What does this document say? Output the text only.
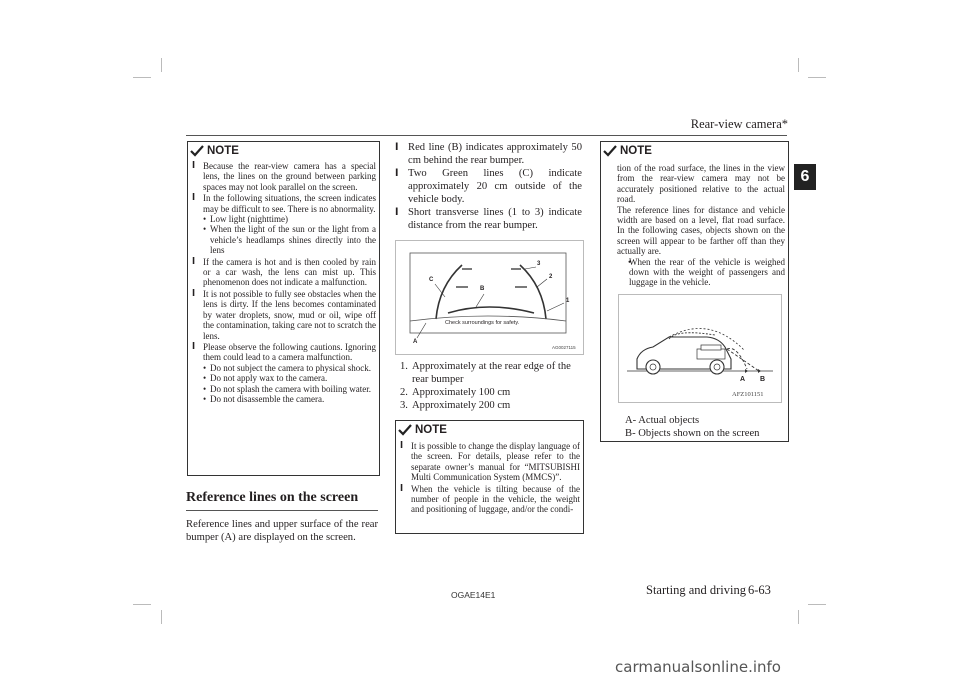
Rear-view camera*
6
NOTE

l Because the rear-view camera has a special lens, the lines on the ground between parking spaces may not look parallel on the screen.

l In the following situations, the screen indicates may be difficult to see. There is no abnormality.

• Low light (nighttime)

• When the light of the sun or the light from a vehicle’s headlamps shines directly into the lens

l If the camera is hot and is then cooled by rain or a car wash, the lens can mist up. This phenomenon does not indicate a malfunction.

l It is not possible to fully see obstacles when the lens is dirty. If the lens becomes contaminated by water droplets, snow, mud or oil, wipe off the contamination, taking care not to scratch the lens.

l Please observe the following cautions. Ignoring them could lead to a camera malfunction.

• Do not subject the camera to physical shock.

• Do not apply wax to the camera.

• Do not splash the camera with boiling water.

• Do not disassemble the camera.

Reference lines on the screen
Reference lines and upper surface of the rear bumper (A) are displayed on the screen.
l Red line (B) indicates approximately 50 cm behind the rear bumper.
l Two Green lines (C) indicate approximately 20 cm outside of the vehicle body.
l Short transverse lines (1 to 3) indicate distance from the rear bumper.
Check surroundings for safety.
A
B
C
1
2
3
AG0027115
1. Approximately at the rear edge of the rear bumper
2. Approximately 100 cm
3. Approximately 200 cm
NOTE

l It is possible to change the display language of the screen. For details, please refer to the separate owner’s manual for “MITSUBISHI Multi Communication System (MMCS)”.

l When the vehicle is tilting because of the number of people in the vehicle, the weight and positioning of luggage, and/or the condi-

NOTE

tion of the road surface, the lines in the view from the rear-view camera may not be accurately positioned relative to the actual road.

The reference lines for distance and vehicle width are based on a level, flat road surface. In the following cases, objects shown on the screen will appear to be farther off than they actually are.

• When the rear of the vehicle is weighed down with the weight of passengers and luggage in the vehicle.

A B
AFZ101151
A- Actual objects
B- Objects shown on the screen
OGAE14E1	Starting and driving 6-63
carmanualsonline.info
